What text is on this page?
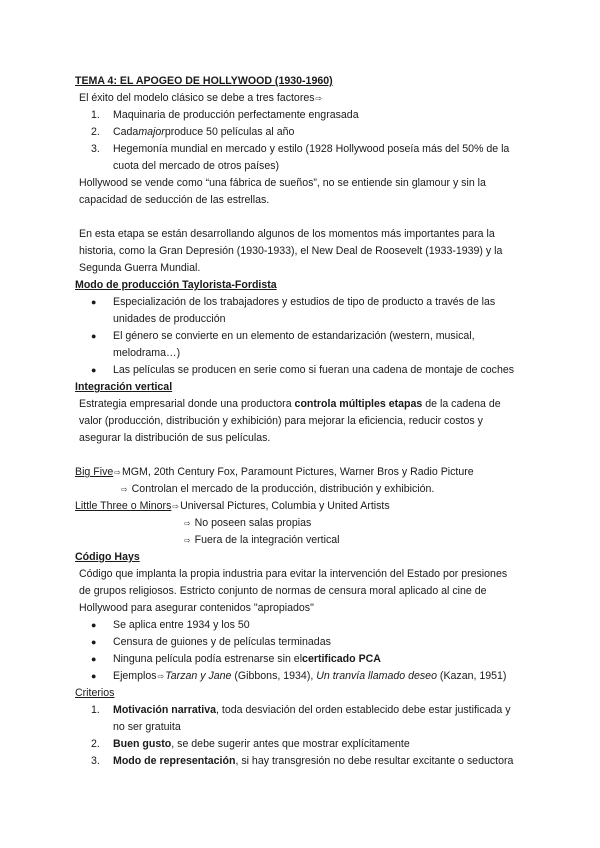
TEMA 4: EL APOGEO DE HOLLYWOOD (1930-1960)
El éxito del modelo clásico se debe a tres factores⇨
1.	Maquinaria de producción perfectamente engrasada
2.	Cada major produce 50 películas al año
3.	Hegemonía mundial en mercado y estilo (1928 Hollywood poseía más del 50% de la
cuota del mercado de otros países)
Hollywood se vende como “una fábrica de sueños”, no se entiende sin glamour y sin la
capacidad de seducción de las estrellas.
En esta etapa se están desarrollando algunos de los momentos más importantes para la
historia, como la Gran Depresión (1930-1933), el New Deal de Roosevelt (1933-1939) y la
Segunda Guerra Mundial.
Modo de producción Taylorista-Fordista
●	Especialización de los trabajadores y estudios de tipo de producto a través de las
unidades de producción
●	El género se convierte en un elemento de estandarización (western, musical,
melodrama…)
●	Las películas se producen en serie como si fueran una cadena de montaje de coches
Integración vertical
Estrategia empresarial donde una productora controla múltiples etapas de la cadena de
valor (producción, distribución y exhibición) para mejorar la eficiencia, reducir costos y
asegurar la distribución de sus películas.
Big Five⇨MGM, 20th Century Fox, Paramount Pictures, Warner Bros y Radio Picture
⇨ Controlan el mercado de la producción, distribución y exhibición.
Little Three o Minors⇨Universal Pictures, Columbia y United Artists
⇨ No poseen salas propias
⇨ Fuera de la integración vertical
Código Hays
Código que implanta la propia industria para evitar la intervención del Estado por presiones
de grupos religiosos. Estricto conjunto de normas de censura moral aplicado al cine de
Hollywood para asegurar contenidos "apropiados"
●	Se aplica entre 1934 y los 50
●	Censura de guiones y de películas terminadas
●	Ninguna película podía estrenarse sin el certificado PCA
●	Ejemplos ⇨ Tarzan y Jane (Gibbons, 1934), Un tranvía llamado deseo (Kazan, 1951)
Criterios
1.	Motivación narrativa , toda desviación del orden establecido debe estar justificada y
no ser gratuita
2.	Buen gusto , se debe sugerir antes que mostrar explícitamente
3.	Modo de representación , si hay transgresión no debe resultar excitante o seductora
